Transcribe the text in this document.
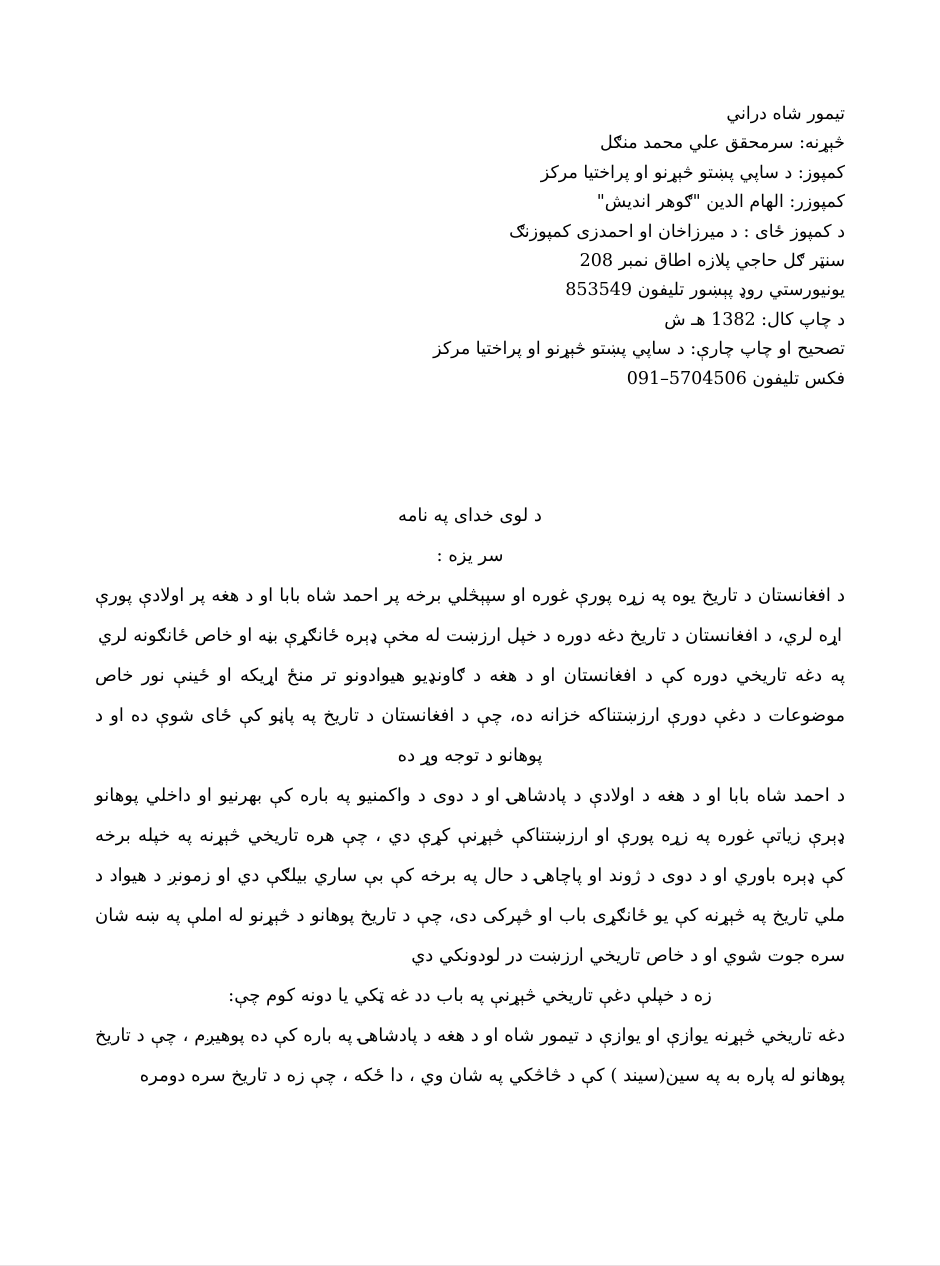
تیمور شاه دراني
څېړنه: سرمحقق علي محمد منګل
کمپوز: د ساپي پښتو څېړنو او پراختیا مرکز
کمپوزر: الهام الدین "ګوهر اندیش"
د کمپوز ځای : د میرزاخان او احمدزی کمپوزنګ
سنټر ګل حاجي پلازه اطاق نمبر 208
یونیورستي روډ پېښور تلیفون 853549
د چاپ کال: 1382 هـ ش
تصحیح او چاپ چارې: د ساپي پښتو څېړنو او پراختیا مرکز
فکس تلیفون 5704506–091
د لوی خدای په نامه
سر يزه :

د افغانستان د تاریخ یوه په زړه پورې غوره او سپېڅلي برخه پر احمد شاه بابا او د هغه پر اولادې پورې اړه لري، د افغانستان د تاریخ دغه دوره د خپل ارزښت له مخې ډېره ځانګړې بڼه او خاص ځانګونه لري

په دغه تاریخي دوره کې د افغانستان او د هغه د ګاونډیو هیوادونو تر منځ اړیکه او ځینې نور خاص موضوعات د دغې دورې ارزښتناکه خزانه ده، چې د افغانستان د تاریخ په پاڼو کې ځای شوې ده او د پوهانو د توجه وړ ده

د احمد شاه بابا او د هغه د اولادې د پادشاهۍ او د دوی د واکمنیو په باره کې بهرنیو او داخلي پوهانو ډېرې زیاتې غوره په زړه پورې او ارزښتناکې څېړنې کړې دي ، چې هره تاریخي څېړنه په خپله برخه کې ډېره باوري او د دوی د ژوند او پاچاهۍ د حال په برخه کې بې ساري بیلګې دي او زمونږ د هیواد د ملي تاریخ په څېړنه کې یو ځانګړی باب او څپرکی دی، چې د تاریخ پوهانو د څېړنو له املې په ښه شان سره جوت شوي او د خاص تاریخي ارزښت در لودونکي دي

زه د خپلې دغې تاریخي څېړنې په باب دد غه ټکي یا دونه کوم چې:

دغه تاریخي څېړنه یوازې او یوازې د تیمور شاه او د هغه د پادشاهۍ په باره کې ده پوهیږم ، چې د تاریخ پوهانو له پاره به په سین(سیند ) کې د څاڅکي په شان وي ، دا ځکه ، چې زه د تاریخ سره دومره
